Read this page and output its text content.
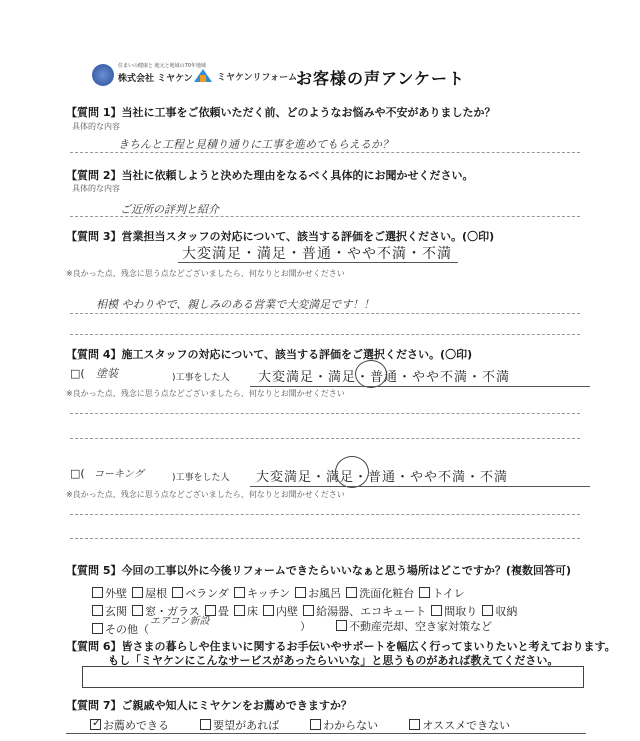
住まいの健康と 地元と地域の70年地域
株式会社 ミヤケン	ミヤケンリフォーム
お客様の声アンケート
【質問 1】当社に工事をご依頼いただく前、どのようなお悩みや不安がありましたか？
具体的な内容
きちんと工程と見積り通りに工事を進めてもらえるか？
【質問 2】当社に依頼しようと決めた理由をなるべく具体的にお聞かせください。
具体的な内容
ご近所の評判と紹介
【質問 3】営業担当スタッフの対応について、該当する評価をご選択ください。(〇印)
大変満足・満足・普通・やや不満・不満
※良かった点、残念に思う点などございましたら、何なりとお聞かせください
相模 やわりやで、親しみのある営業で大変満足です！！
【質問 4】施工スタッフの対応について、該当する評価をご選択ください。(〇印)
□( 塗装	)工事をした人 大変満足・満足・普通・やや不満・不満
※良かった点、残念に思う点などございましたら、何なりとお聞かせください
□( コーキング	)工事をした人 大変満足・満足・普通・やや不満・不満
※良かった点、残念に思う点などございましたら、何なりとお聞かせください
【質問 5】今回の工事以外に今後リフォームできたらいいなぁと思う場所はどこですか？(複数回答可)
外壁 屋根 ベランダ キッチン お風呂 洗面化粧台 トイレ
玄関 窓・ガラス 畳 床 内壁 給湯器、エコキュート 間取り 収納
その他（
エアコン新設	）	不動産売却、空き家対策など
【質問 6】皆さまの暮らしや住まいに関するお手伝いやサポートを幅広く行ってまいりたいと考えております。
もし「ミヤケンにこんなサービスがあったらいいな」と思うものがあれば教えてください。
【質問 7】ご親戚や知人にミヤケンをお薦めできますか？
✓ お薦めできる	要望があれば	わからない	オススメできない
